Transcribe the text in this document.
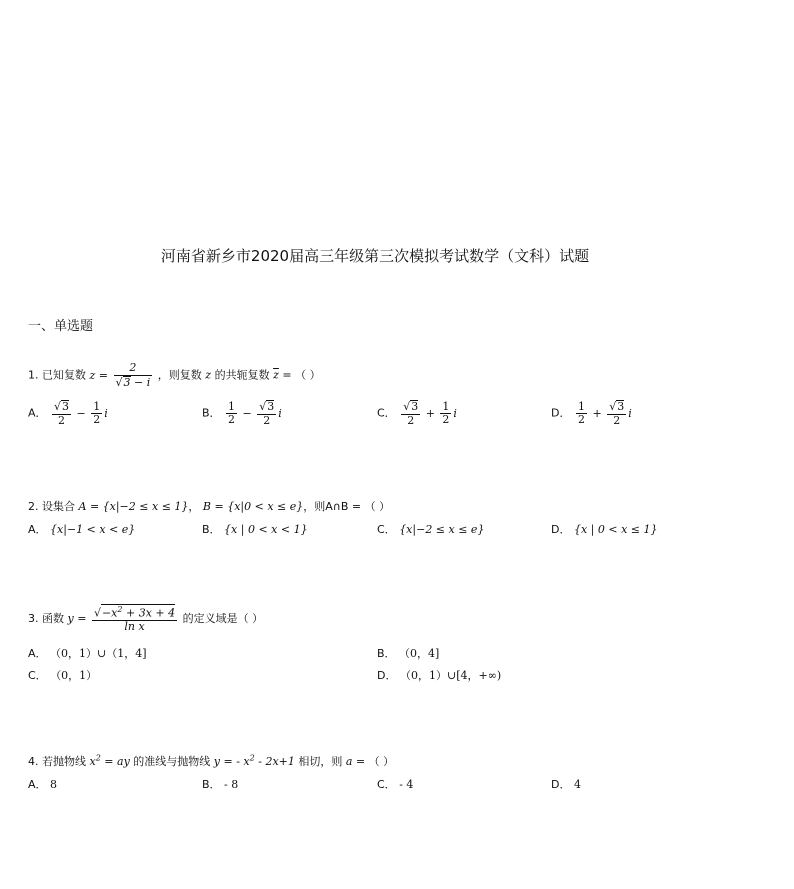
河南省新乡市2020届高三年级第三次模拟考试数学（文科）试题
一、单选题
1. 已知复数 $z = \frac{2}{√3 - i}$ ，则复数 z 的共轭复数 $\overline{z}$ = （ ）
A． $\frac{√3}{2} - \frac{1}{2}$ i	B． $\frac{1}{2} - \frac{√3}{2}$ i	C． $\frac{√3}{2} + \frac{1}{2}$ i	D． $\frac{1}{2} + \frac{√3}{2}$ i
2. 设集合 A = {x|−2 ≤ x ≤ 1}， B = {x|0 < x ≤ e}，则A∩B = （ ）
A． {x|−1 < x < e}	B． {x | 0 < x < 1}	C． {x|−2 ≤ x ≤ e}	D． {x | 0 < x ≤ 1}
3. 函数 $y = \frac{√-x^2 + 3x + 4}{\text{ln x}}$ 的定义域是（ ）
A． （0，1）∪（1，4]	B． （0，4]
C． （0，1）	D． （0，1）∪[4，+∞)
4. 若抛物线 $x^2$ = ay 的准线与抛物线 y = - $x^2 - 2x+1$ 相切，则 a = （ ）
A． 8	B． - 8	C． - 4	D． 4
